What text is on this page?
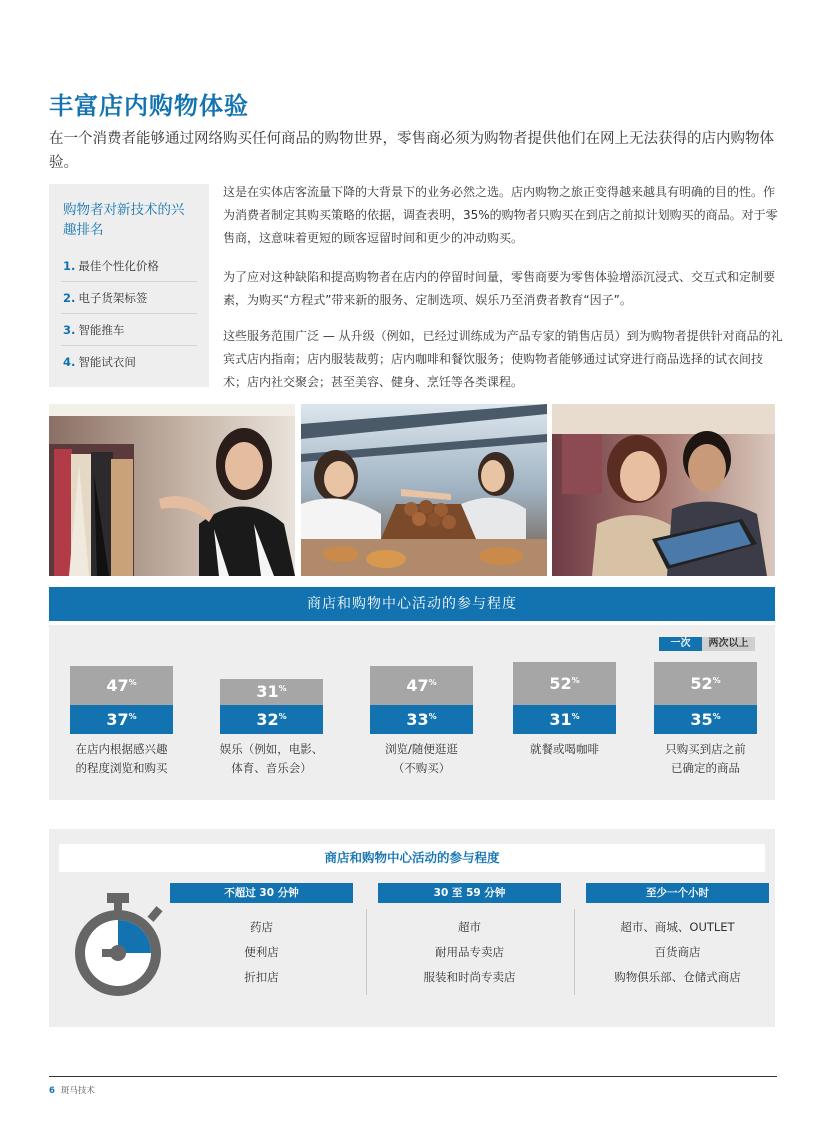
丰富店内购物体验
在一个消费者能够通过网络购买任何商品的购物世界，零售商必须为购物者提供他们在网上无法获得的店内购物体验。
购物者对新技术的兴趣排名
1. 最佳个性化价格
2. 电子货架标签
3. 智能推车
4. 智能试衣间
这是在实体店客流量下降的大背景下的业务必然之选。店内购物之旅正变得越来越具有明确的目的性。作为消费者制定其购买策略的依据，调查表明，35%的购物者只购买在到店之前拟计划购买的商品。对于零售商，这意味着更短的顾客逗留时间和更少的冲动购买。
为了应对这种缺陷和提高购物者在店内的停留时间量，零售商要为零售体验增添沉浸式、交互式和定制要素，为购买“方程式”带来新的服务、定制选项、娱乐乃至消费者教育“因子”。
这些服务范围广泛 — 从升级（例如，已经过训练成为产品专家的销售店员）到为购物者提供针对商品的礼宾式店内指南；店内服装裁剪；店内咖啡和餐饮服务；使购物者能够通过试穿进行商品选择的试衣间技术；店内社交聚会；甚至美容、健身、烹饪等各类课程。
商店和购物中心活动的参与程度
一次	两次以上
47%
37%
在店内根据感兴趣
的程度浏览和购买
31%
32%
娱乐（例如，电影、
体育、音乐会）
47%
33%
浏览/随便逛逛
（不购买）
52%
31%
就餐或喝咖啡
52%
35%
只购买到店之前
已确定的商品
商店和购物中心活动的参与程度
不超过 30 分钟
药店
便利店
折扣店
30 至 59 分钟
超市
耐用品专卖店
服装和时尚专卖店
至少一个小时
超市、商城、OUTLET
百货商店
购物俱乐部、仓储式商店
6 斑马技术
